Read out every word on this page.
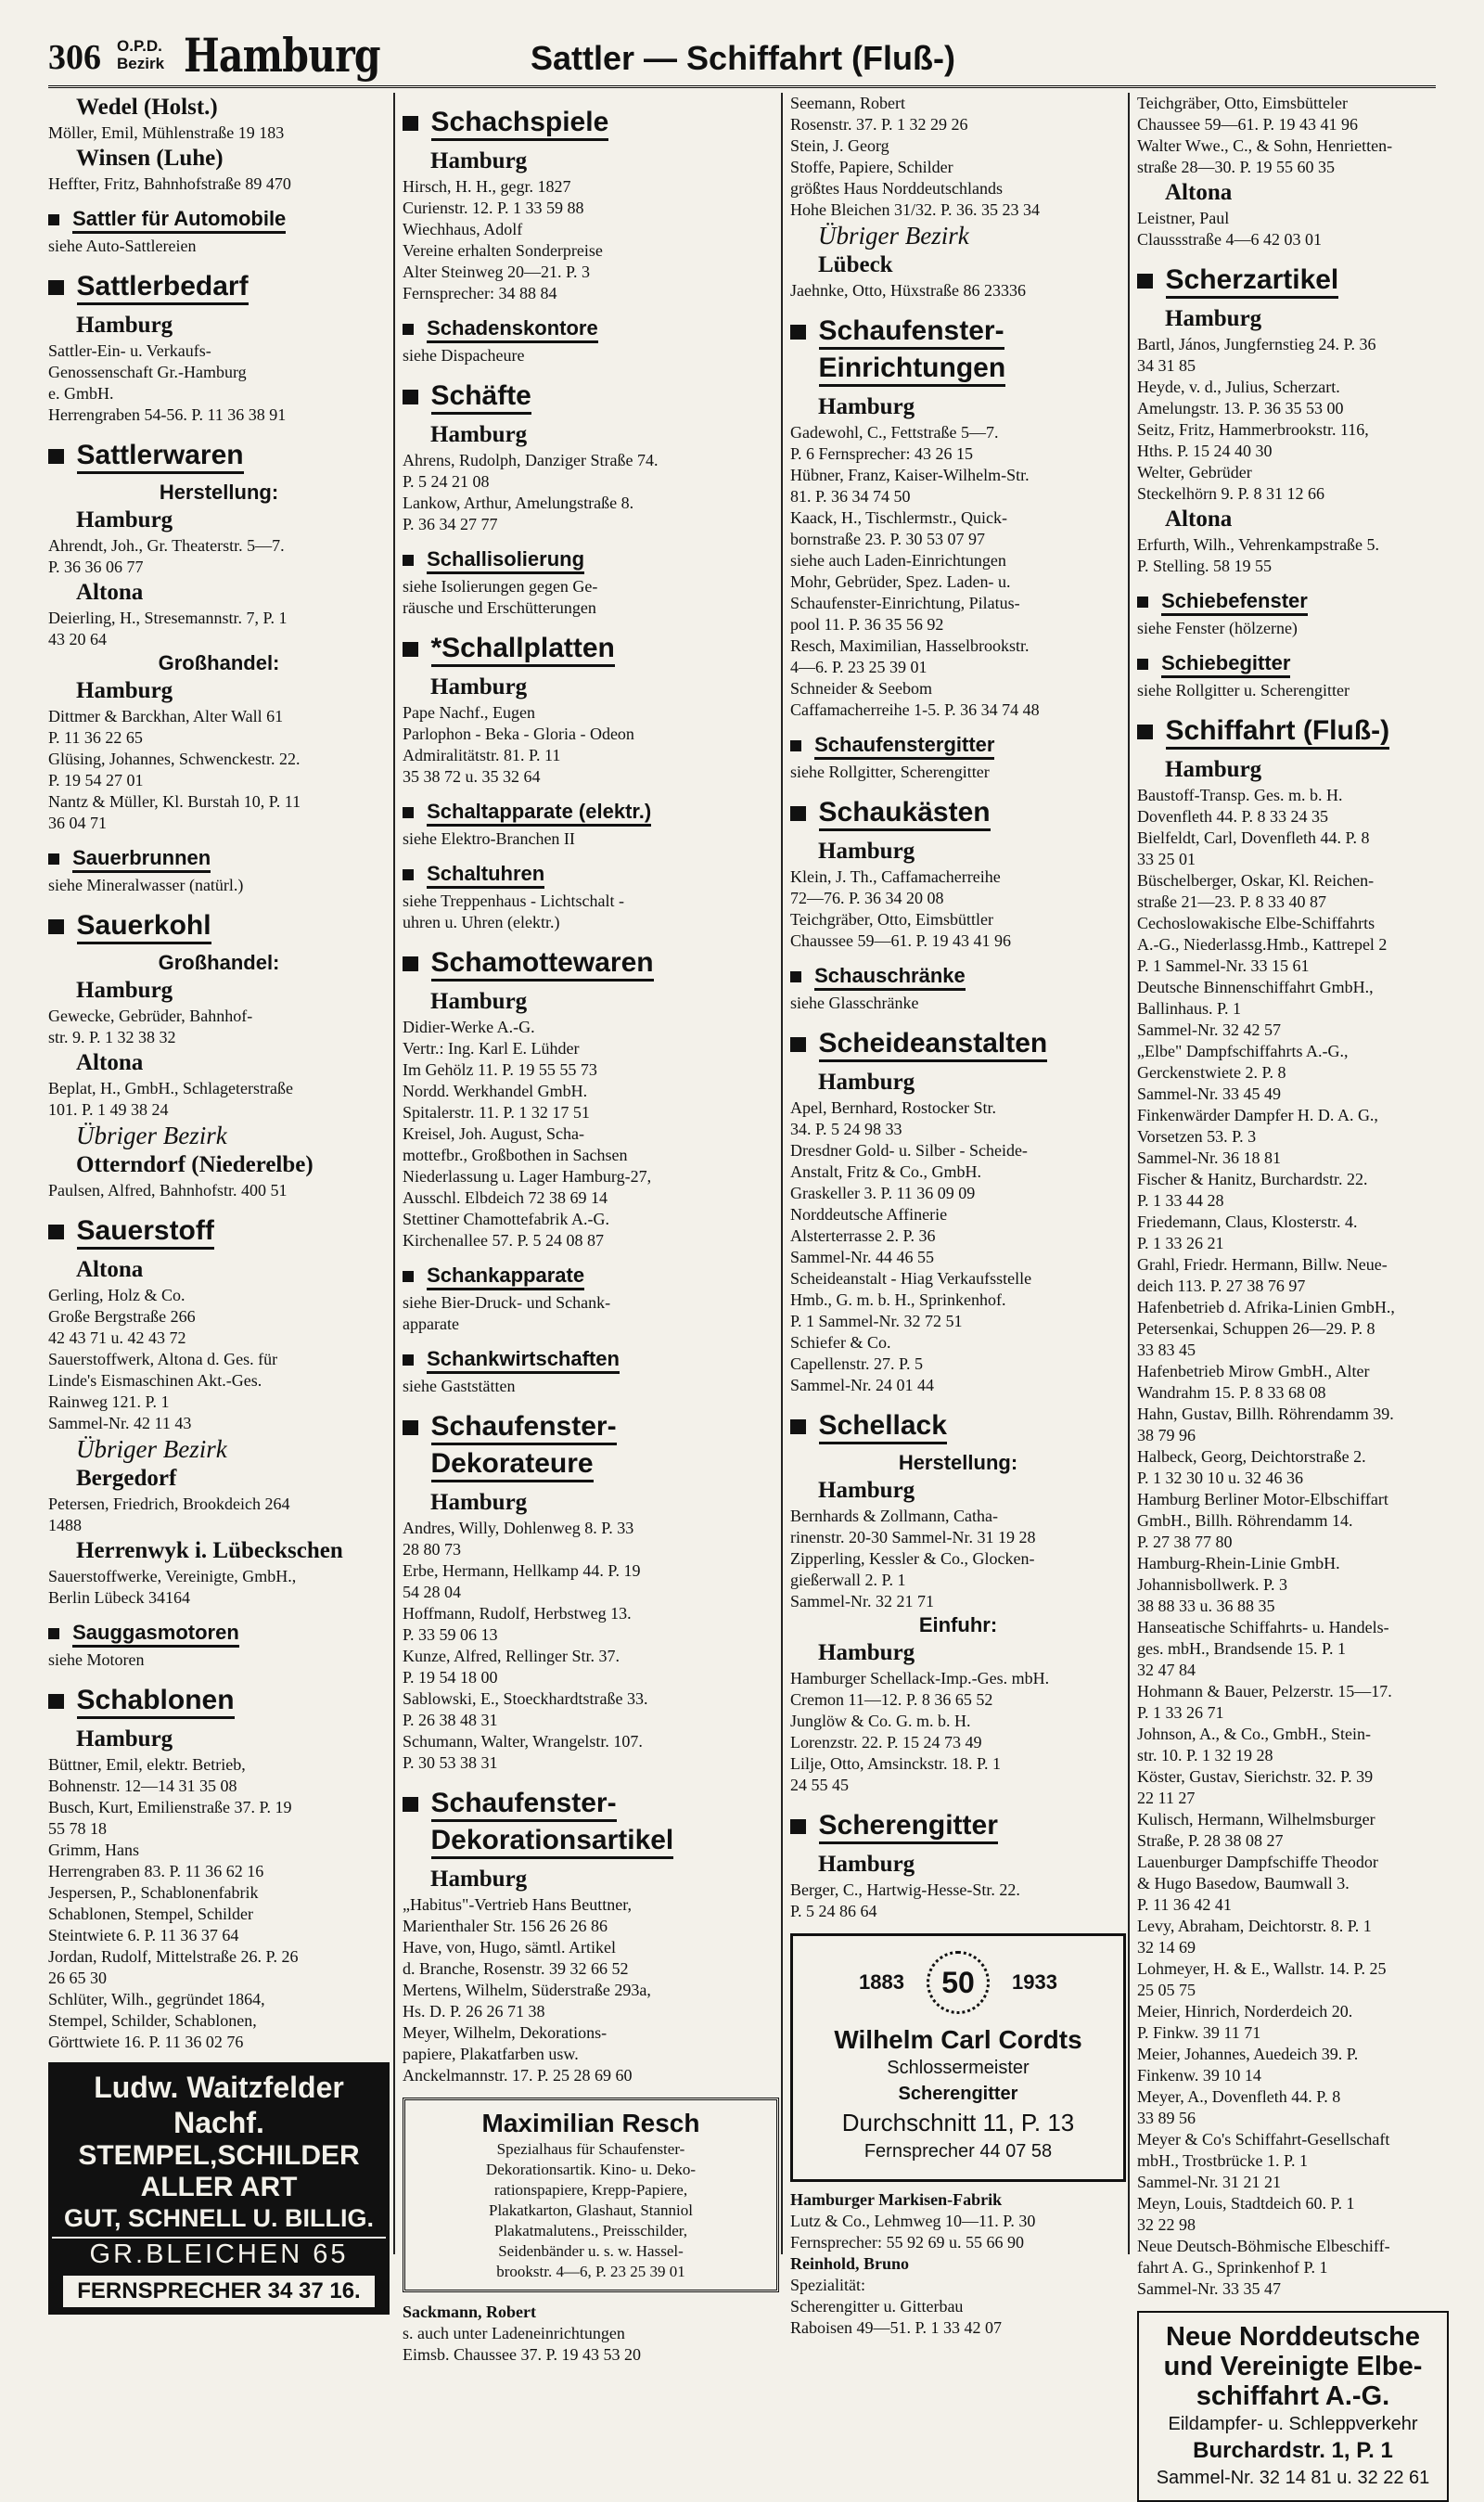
306 O.P.D.
Bezirk Hamburg	Sattler — Schiffahrt (Fluß-)
Wedel (Holst.)
Möller, Emil, Mühlenstraße 19 183
Winsen (Luhe)
Heffter, Fritz, Bahnhofstraße 89 470
Sattler für Automobile
siehe Auto-Sattlereien
Sattlerbedarf
Hamburg
Sattler-Ein- u. Verkaufs-
Genossenschaft Gr.-Hamburg
e. GmbH.
Herrengraben 54-56. P. 11 36 38 91
Sattlerwaren
Herstellung:
Hamburg
Ahrendt, Joh., Gr. Theaterstr. 5—7.
P. 36 36 06 77
Altona
Deierling, H., Stresemannstr. 7, P. 1
43 20 64
Großhandel:
Hamburg
Dittmer & Barckhan, Alter Wall 61
P. 11 36 22 65
Glüsing, Johannes, Schwenckestr. 22.
P. 19 54 27 01
Nantz & Müller, Kl. Burstah 10, P. 11
36 04 71
Sauerbrunnen
siehe Mineralwasser (natürl.)
Sauerkohl
Großhandel:
Hamburg
Gewecke, Gebrüder, Bahnhof-
str. 9. P. 1 32 38 32
Altona
Beplat, H., GmbH., Schlageterstraße
101. P. 1 49 38 24
Übriger Bezirk
Otterndorf (Niederelbe)
Paulsen, Alfred, Bahnhofstr. 400 51
Sauerstoff
Altona
Gerling, Holz & Co.
Große Bergstraße 266
42 43 71 u. 42 43 72
Sauerstoffwerk, Altona d. Ges. für
Linde's Eismaschinen Akt.-Ges.
Rainweg 121. P. 1
Sammel-Nr. 42 11 43
Übriger Bezirk
Bergedorf
Petersen, Friedrich, Brookdeich 264
1488
Herrenwyk i. Lübeckschen
Sauerstoffwerke, Vereinigte, GmbH.,
Berlin Lübeck 34164
Sauggasmotoren
siehe Motoren
Schablonen
Hamburg
Büttner, Emil, elektr. Betrieb,
Bohnenstr. 12—14 31 35 08
Busch, Kurt, Emilienstraße 37. P. 19
55 78 18
Grimm, Hans
Herrengraben 83. P. 11 36 62 16
Jespersen, P., Schablonenfabrik
Schablonen, Stempel, Schilder
Steintwiete 6. P. 11 36 37 64
Jordan, Rudolf, Mittelstraße 26. P. 26
26 65 30
Schlüter, Wilh., gegründet 1864,
Stempel, Schilder, Schablonen,
Görttwiete 16. P. 11 36 02 76
Ludw. Waitzfelder Nachf.
STEMPEL,SCHILDER ALLER ART
GUT, SCHNELL U. BILLIG.
GR.BLEICHEN 65
FERNSPRECHER 34 37 16.
Schachspiele
Hamburg
Hirsch, H. H., gegr. 1827
Curienstr. 12. P. 1 33 59 88
Wiechhaus, Adolf
Vereine erhalten Sonderpreise
Alter Steinweg 20—21. P. 3
Fernsprecher: 34 88 84
Schadenskontore
siehe Dispacheure
Schäfte
Hamburg
Ahrens, Rudolph, Danziger Straße 74.
P. 5 24 21 08
Lankow, Arthur, Amelungstraße 8.
P. 36 34 27 77
Schallisolierung
siehe Isolierungen gegen Ge-
räusche und Erschütterungen
*Schallplatten
Hamburg
Pape Nachf., Eugen
Parlophon - Beka - Gloria - Odeon
Admiralitätstr. 81. P. 11
35 38 72 u. 35 32 64
Schaltapparate (elektr.)
siehe Elektro-Branchen II
Schaltuhren
siehe Treppenhaus - Lichtschalt -
uhren u. Uhren (elektr.)
Schamottewaren
Hamburg
Didier-Werke A.-G.
Vertr.: Ing. Karl E. Lühder
Im Gehölz 11. P. 19 55 55 73
Nordd. Werkhandel GmbH.
Spitalerstr. 11. P. 1 32 17 51
Kreisel, Joh. August, Scha-
mottefbr., Großbothen in Sachsen
Niederlassung u. Lager Hamburg-27,
Ausschl. Elbdeich 72 38 69 14
Stettiner Chamottefabrik A.-G.
Kirchenallee 57. P. 5 24 08 87
Schankapparate
siehe Bier-Druck- und Schank-
apparate
Schankwirtschaften
siehe Gaststätten
Schaufenster-
Dekorateure
Hamburg
Andres, Willy, Dohlenweg 8. P. 33
28 80 73
Erbe, Hermann, Hellkamp 44. P. 19
54 28 04
Hoffmann, Rudolf, Herbstweg 13.
P. 33 59 06 13
Kunze, Alfred, Rellinger Str. 37.
P. 19 54 18 00
Sablowski, E., Stoeckhardtstraße 33.
P. 26 38 48 31
Schumann, Walter, Wrangelstr. 107.
P. 30 53 38 31
Schaufenster-
Dekorationsartikel
Hamburg
„Habitus"-Vertrieb Hans Beuttner,
Marienthaler Str. 156 26 26 86
Have, von, Hugo, sämtl. Artikel
d. Branche, Rosenstr. 39 32 66 52
Mertens, Wilhelm, Süderstraße 293a,
Hs. D. P. 26 26 71 38
Meyer, Wilhelm, Dekorations-
papiere, Plakatfarben usw.
Anckelmannstr. 17. P. 25 28 69 60
Maximilian Resch
Spezialhaus für Schaufenster-
Dekorationsartik. Kino- u. Deko-
rationspapiere, Krepp-Papiere,
Plakatkarton, Glashaut, Stanniol
Plakatmalutens., Preisschilder,
Seidenbänder u. s. w. Hassel-
brookstr. 4—6, P. 23 25 39 01
Sackmann, Robert
s. auch unter Ladeneinrichtungen
Eimsb. Chaussee 37. P. 19 43 53 20
Seemann, Robert
Rosenstr. 37. P. 1 32 29 26
Stein, J. Georg
Stoffe, Papiere, Schilder
größtes Haus Norddeutschlands
Hohe Bleichen 31/32. P. 36. 35 23 34
Übriger Bezirk
Lübeck
Jaehnke, Otto, Hüxstraße 86 23336
Schaufenster-
Einrichtungen
Hamburg
Gadewohl, C., Fettstraße 5—7.
P. 6 Fernsprecher: 43 26 15
Hübner, Franz, Kaiser-Wilhelm-Str.
81. P. 36 34 74 50
Kaack, H., Tischlermstr., Quick-
bornstraße 23. P. 30 53 07 97
siehe auch Laden-Einrichtungen
Mohr, Gebrüder, Spez. Laden- u.
Schaufenster-Einrichtung, Pilatus-
pool 11. P. 36 35 56 92
Resch, Maximilian, Hasselbrookstr.
4—6. P. 23 25 39 01
Schneider & Seebom
Caffamacherreihe 1-5. P. 36 34 74 48
Schaufenstergitter
siehe Rollgitter, Scherengitter
Schaukästen
Hamburg
Klein, J. Th., Caffamacherreihe
72—76. P. 36 34 20 08
Teichgräber, Otto, Eimsbüttler
Chaussee 59—61. P. 19 43 41 96
Schauschränke
siehe Glasschränke
Scheideanstalten
Hamburg
Apel, Bernhard, Rostocker Str.
34. P. 5 24 98 33
Dresdner Gold- u. Silber - Scheide-
Anstalt, Fritz & Co., GmbH.
Graskeller 3. P. 11 36 09 09
Norddeutsche Affinerie
Alsterterrasse 2. P. 36
Sammel-Nr. 44 46 55
Scheideanstalt - Hiag Verkaufsstelle
Hmb., G. m. b. H., Sprinkenhof.
P. 1 Sammel-Nr. 32 72 51
Schiefer & Co.
Capellenstr. 27. P. 5
Sammel-Nr. 24 01 44
Schellack
Herstellung:
Hamburg
Bernhards & Zollmann, Catha-
rinenstr. 20-30 Sammel-Nr. 31 19 28
Zipperling, Kessler & Co., Glocken-
gießerwall 2. P. 1
Sammel-Nr. 32 21 71
Einfuhr:
Hamburg
Hamburger Schellack-Imp.-Ges. mbH.
Cremon 11—12. P. 8 36 65 52
Junglöw & Co. G. m. b. H.
Lorenzstr. 22. P. 15 24 73 49
Lilje, Otto, Amsinckstr. 18. P. 1
24 55 45
Scherengitter
Hamburg
Berger, C., Hartwig-Hesse-Str. 22.
P. 5 24 86 64
1883	50	1933
Wilhelm Carl Cordts
Schlossermeister
Scherengitter
Durchschnitt 11, P. 13
Fernsprecher 44 07 58
Hamburger Markisen-Fabrik
Lutz & Co., Lehmweg 10—11. P. 30
Fernsprecher: 55 92 69 u. 55 66 90
Reinhold, Bruno
Spezialität:
Scherengitter u. Gitterbau
Raboisen 49—51. P. 1 33 42 07
Teichgräber, Otto, Eimsbütteler
Chaussee 59—61. P. 19 43 41 96
Walter Wwe., C., & Sohn, Henrietten-
straße 28—30. P. 19 55 60 35
Altona
Leistner, Paul
Claussstraße 4—6 42 03 01
Scherzartikel
Hamburg
Bartl, János, Jungfernstieg 24. P. 36
34 31 85
Heyde, v. d., Julius, Scherzart.
Amelungstr. 13. P. 36 35 53 00
Seitz, Fritz, Hammerbrookstr. 116,
Hths. P. 15 24 40 30
Welter, Gebrüder
Steckelhörn 9. P. 8 31 12 66
Altona
Erfurth, Wilh., Vehrenkampstraße 5.
P. Stelling. 58 19 55
Schiebefenster
siehe Fenster (hölzerne)
Schiebegitter
siehe Rollgitter u. Scherengitter
Schiffahrt (Fluß-)
Hamburg
Baustoff-Transp. Ges. m. b. H.
Dovenfleth 44. P. 8 33 24 35
Bielfeldt, Carl, Dovenfleth 44. P. 8
33 25 01
Büschelberger, Oskar, Kl. Reichen-
straße 21—23. P. 8 33 40 87
Cechoslowakische Elbe-Schiffahrts
A.-G., Niederlassg.Hmb., Kattrepel 2
P. 1 Sammel-Nr. 33 15 61
Deutsche Binnenschiffahrt GmbH.,
Ballinhaus. P. 1
Sammel-Nr. 32 42 57
„Elbe" Dampfschiffahrts A.-G.,
Gerckenstwiete 2. P. 8
Sammel-Nr. 33 45 49
Finkenwärder Dampfer H. D. A. G.,
Vorsetzen 53. P. 3
Sammel-Nr. 36 18 81
Fischer & Hanitz, Burchardstr. 22.
P. 1 33 44 28
Friedemann, Claus, Klosterstr. 4.
P. 1 33 26 21
Grahl, Friedr. Hermann, Billw. Neue-
deich 113. P. 27 38 76 97
Hafenbetrieb d. Afrika-Linien GmbH.,
Petersenkai, Schuppen 26—29. P. 8
33 83 45
Hafenbetrieb Mirow GmbH., Alter
Wandrahm 15. P. 8 33 68 08
Hahn, Gustav, Billh. Röhrendamm 39.
38 79 96
Halbeck, Georg, Deichtorstraße 2.
P. 1 32 30 10 u. 32 46 36
Hamburg Berliner Motor-Elbschiffart
GmbH., Billh. Röhrendamm 14.
P. 27 38 77 80
Hamburg-Rhein-Linie GmbH.
Johannisbollwerk. P. 3
38 88 33 u. 36 88 35
Hanseatische Schiffahrts- u. Handels-
ges. mbH., Brandsende 15. P. 1
32 47 84
Hohmann & Bauer, Pelzerstr. 15—17.
P. 1 33 26 71
Johnson, A., & Co., GmbH., Stein-
str. 10. P. 1 32 19 28
Köster, Gustav, Sierichstr. 32. P. 39
22 11 27
Kulisch, Hermann, Wilhelmsburger
Straße, P. 28 38 08 27
Lauenburger Dampfschiffe Theodor
& Hugo Basedow, Baumwall 3.
P. 11 36 42 41
Levy, Abraham, Deichtorstr. 8. P. 1
32 14 69
Lohmeyer, H. & E., Wallstr. 14. P. 25
25 05 75
Meier, Hinrich, Norderdeich 20.
P. Finkw. 39 11 71
Meier, Johannes, Auedeich 39. P.
Finkenw. 39 10 14
Meyer, A., Dovenfleth 44. P. 8
33 89 56
Meyer & Co's Schiffahrt-Gesellschaft
mbH., Trostbrücke 1. P. 1
Sammel-Nr. 31 21 21
Meyn, Louis, Stadtdeich 60. P. 1
32 22 98
Neue Deutsch-Böhmische Elbeschiff-
fahrt A. G., Sprinkenhof P. 1
Sammel-Nr. 33 35 47
Neue Norddeutsche
und Vereinigte Elbe-
schiffahrt A.-G.
Eildampfer- u. Schleppverkehr
Burchardstr. 1, P. 1
Sammel-Nr. 32 14 81 u. 32 22 61
